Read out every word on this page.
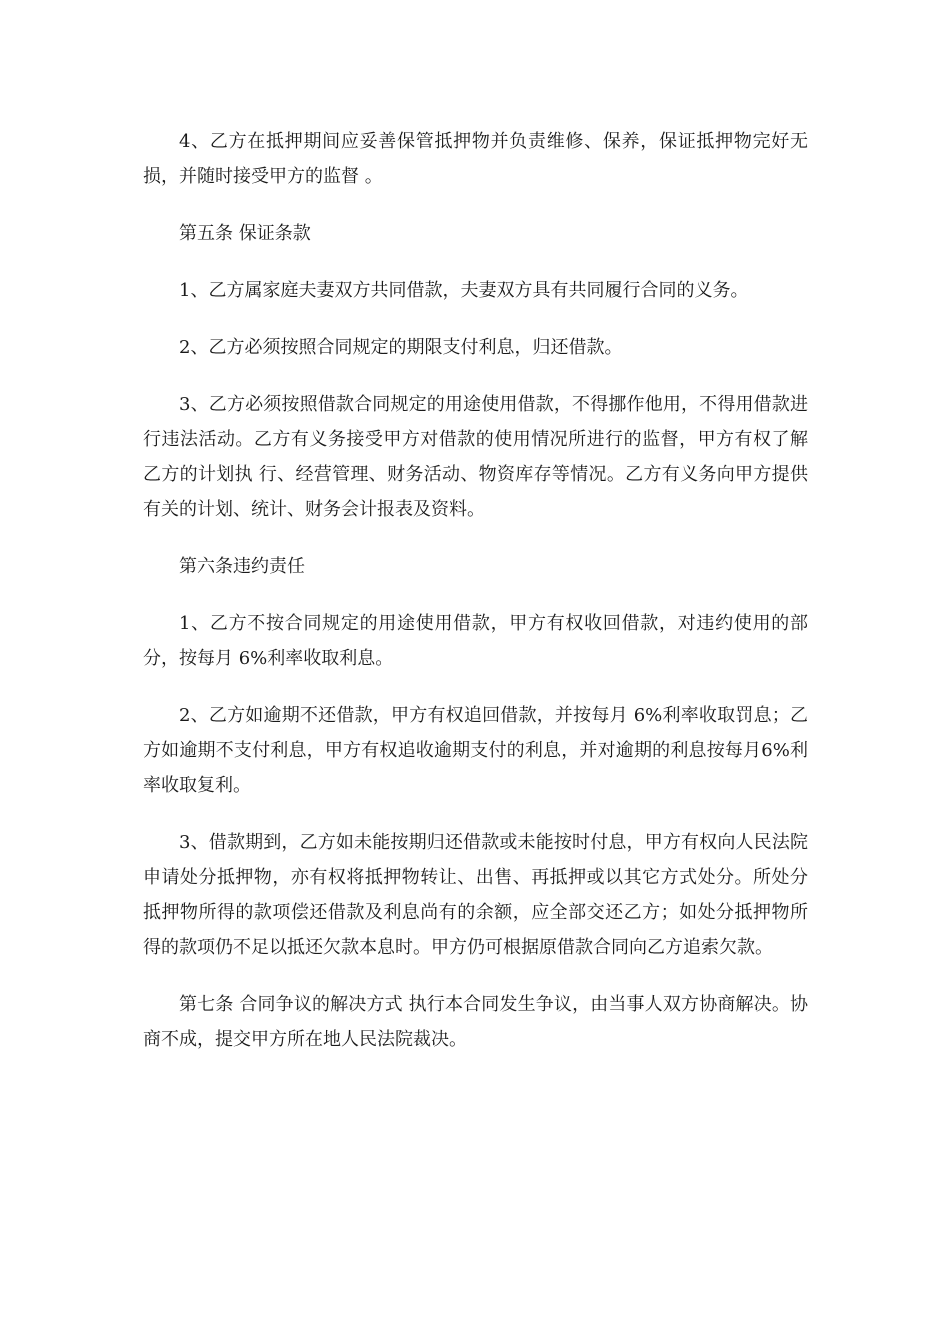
4、乙方在抵押期间应妥善保管抵押物并负责维修、保养，保证抵押物完好无损，并随时接受甲方的监督 。

第五条 保证条款

1、乙方属家庭夫妻双方共同借款，夫妻双方具有共同履行合同的义务。

2、乙方必须按照合同规定的期限支付利息，归还借款。

3、乙方必须按照借款合同规定的用途使用借款，不得挪作他用，不得用借款进行违法活动。乙方有义务接受甲方对借款的使用情况所进行的监督，甲方有权了解乙方的计划执 行、经营管理、财务活动、物资库存等情况。乙方有义务向甲方提供有关的计划、统计、财务会计报表及资料。

第六条违约责任

1、乙方不按合同规定的用途使用借款，甲方有权收回借款，对违约使用的部分，按每月 6%利率收取利息。

2、乙方如逾期不还借款，甲方有权追回借款，并按每月 6%利率收取罚息；乙方如逾期不支付利息，甲方有权追收逾期支付的利息，并对逾期的利息按每月6%利率收取复利。

3、借款期到，乙方如未能按期归还借款或未能按时付息，甲方有权向人民法院申请处分抵押物，亦有权将抵押物转让、出售、再抵押或以其它方式处分。所处分抵押物所得的款项偿还借款及利息尚有的余额，应全部交还乙方；如处分抵押物所得的款项仍不足以抵还欠款本息时。甲方仍可根据原借款合同向乙方追索欠款。

第七条 合同争议的解决方式 执行本合同发生争议，由当事人双方协商解决。协商不成，提交甲方所在地人民法院裁决。
